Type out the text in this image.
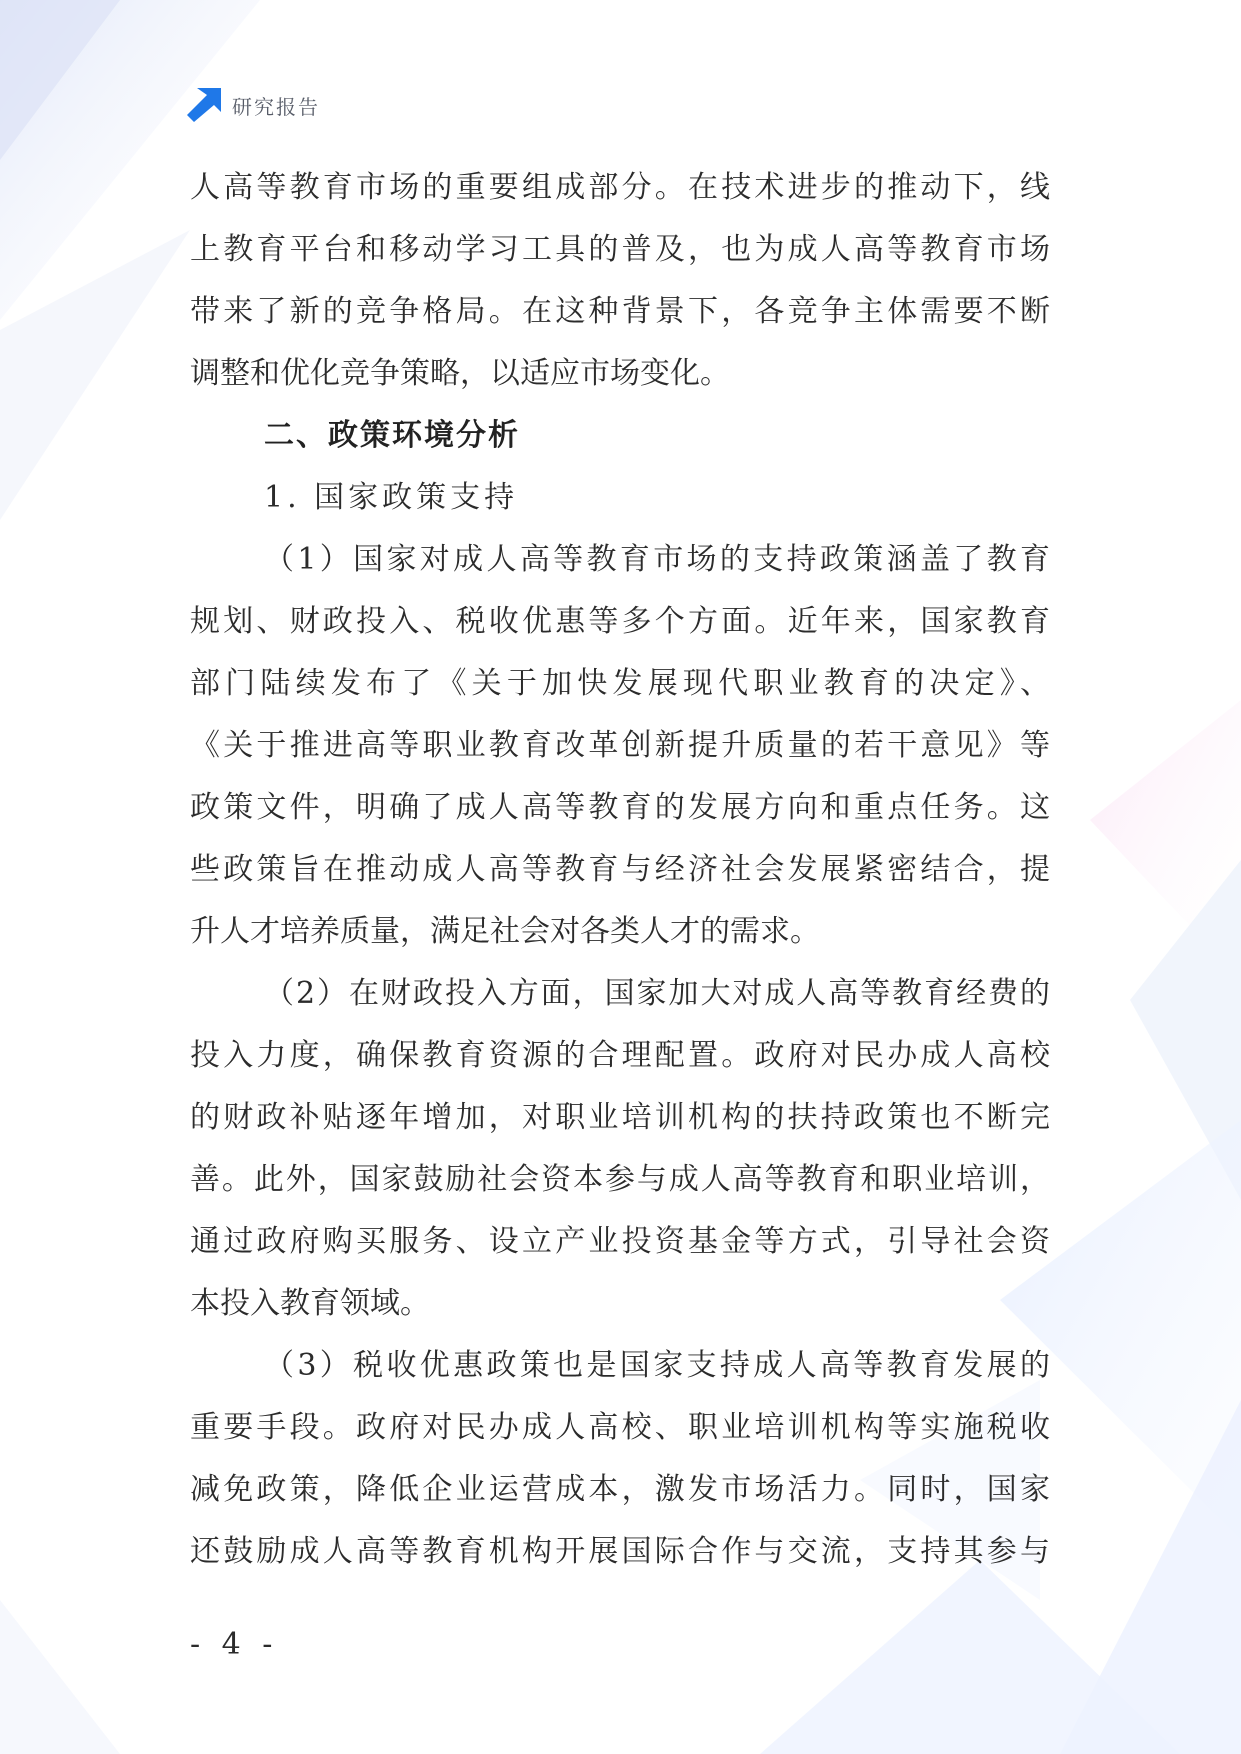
研究报告
人高等教育市场的重要组成部分。在技术进步的推动下，线
上教育平台和移动学习工具的普及，也为成人高等教育市场
带来了新的竞争格局。在这种背景下，各竞争主体需要不断
调整和优化竞争策略，以适应市场变化。
二、政策环境分析
1. 国家政策支持
（1）国家对成人高等教育市场的支持政策涵盖了教育
规划、财政投入、税收优惠等多个方面。近年来，国家教育
部门陆续发布了《关于加快发展现代职业教育的决定》、
《关于推进高等职业教育改革创新提升质量的若干意见》等
政策文件，明确了成人高等教育的发展方向和重点任务。这
些政策旨在推动成人高等教育与经济社会发展紧密结合，提
升人才培养质量，满足社会对各类人才的需求。
（2）在财政投入方面，国家加大对成人高等教育经费的
投入力度，确保教育资源的合理配置。政府对民办成人高校
的财政补贴逐年增加，对职业培训机构的扶持政策也不断完
善。此外，国家鼓励社会资本参与成人高等教育和职业培训，
通过政府购买服务、设立产业投资基金等方式，引导社会资
本投入教育领域。
（3）税收优惠政策也是国家支持成人高等教育发展的
重要手段。政府对民办成人高校、职业培训机构等实施税收
减免政策，降低企业运营成本，激发市场活力。同时，国家
还鼓励成人高等教育机构开展国际合作与交流，支持其参与
- 4 -
